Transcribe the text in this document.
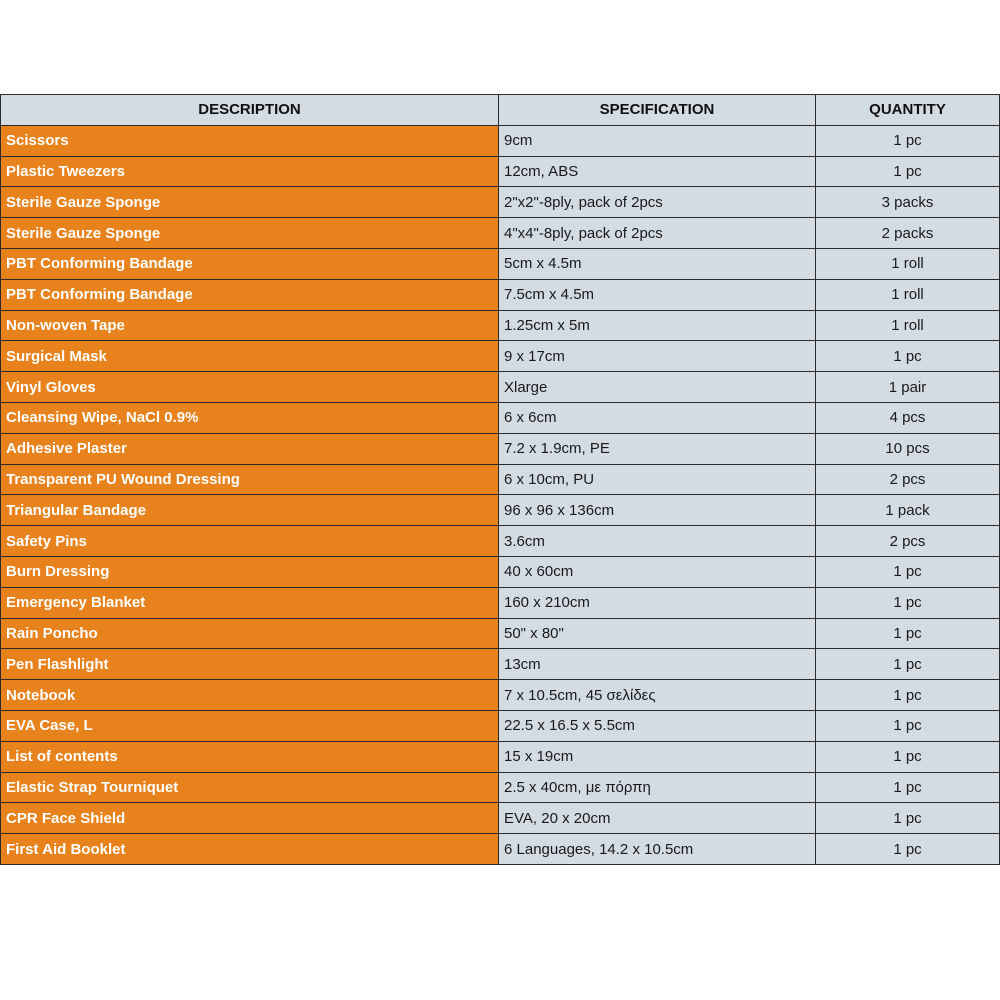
DESCRIPTION	SPECIFICATION	QUANTITY
Scissors	9cm	1 pc
Plastic Tweezers	12cm, ABS	1 pc
Sterile Gauze Sponge	2"x2"-8ply, pack of 2pcs	3 packs
Sterile Gauze Sponge	4"x4"-8ply, pack of 2pcs	2 packs
PBT Conforming Bandage	5cm x 4.5m	1 roll
PBT Conforming Bandage	7.5cm x 4.5m	1 roll
Non-woven Tape	1.25cm x 5m	1 roll
Surgical Mask	9 x 17cm	1 pc
Vinyl Gloves	Xlarge	1 pair
Cleansing Wipe, NaCl 0.9%	6 x 6cm	4 pcs
Adhesive Plaster	7.2 x 1.9cm, PE	10 pcs
Transparent PU Wound Dressing	6 x 10cm, PU	2 pcs
Triangular Bandage	96 x 96 x 136cm	1 pack
Safety Pins	3.6cm	2 pcs
Burn Dressing	40 x 60cm	1 pc
Emergency Blanket	160 x 210cm	1 pc
Rain Poncho	50" x 80"	1 pc
Pen Flashlight	13cm	1 pc
Notebook	7 x 10.5cm, 45 σελίδες	1 pc
EVA Case, L	22.5 x 16.5 x 5.5cm	1 pc
List of contents	15 x 19cm	1 pc
Elastic Strap Tourniquet	2.5 x 40cm, με πόρπη	1 pc
CPR Face Shield	EVA, 20 x 20cm	1 pc
First Aid Booklet	6 Languages, 14.2 x 10.5cm	1 pc
